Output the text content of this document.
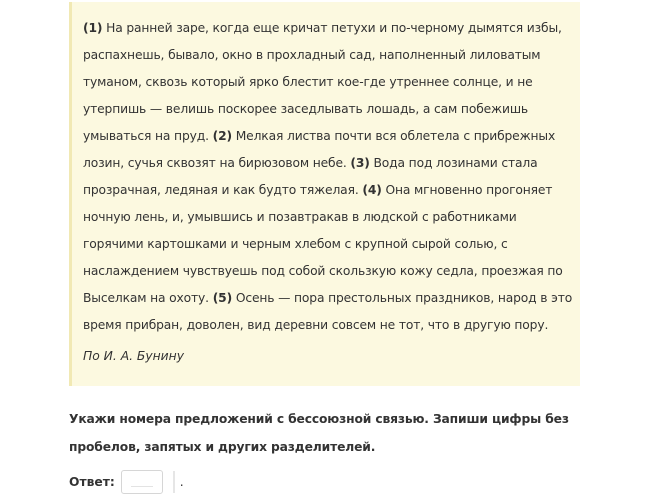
(1) На ранней заре, когда еще кричат петухи и по-черному дымятся избы, распахнешь, бывало, окно в прохладный сад, наполненный лиловатым туманом, сквозь который ярко блестит кое-где утреннее солнце, и не утерпишь — велишь поскорее заседлывать лошадь, а сам побежишь умываться на пруд. (2) Мелкая листва почти вся облетела с прибрежных лозин, сучья сквозят на бирюзовом небе. (3) Вода под лозинами стала прозрачная, ледяная и как будто тяжелая. (4) Она мгновенно прогоняет ночную лень, и, умывшись и позавтракав в людской с работниками горячими картошками и черным хлебом с крупной сырой солью, с наслаждением чувствуешь под собой скользкую кожу седла, проезжая по Выселкам на охоту. (5) Осень — пора престольных праздников, народ в это время прибран, доволен, вид деревни совсем не тот, что в другую пору.

По И. А. Бунину

Укажи номера предложений с бессоюзной связью. Запиши цифры без пробелов, запятых и других разделителей.

Ответ:	.
